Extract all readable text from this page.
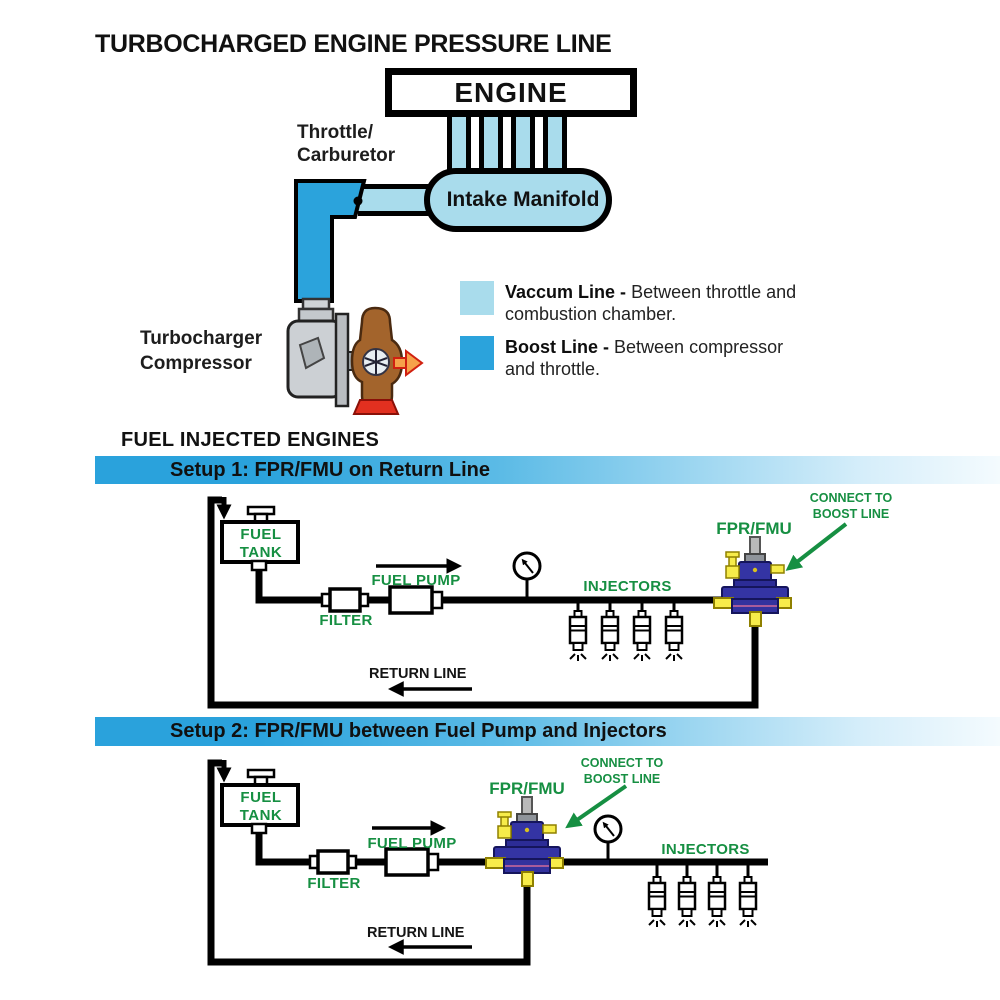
TURBOCHARGED ENGINE PRESSURE LINE
ENGINE
Intake Manifold
Throttle/
Carburetor
Turbocharger
Compressor
Vaccum Line - Between throttle and combustion chamber.
Boost Line - Between compressor and throttle.
FUEL INJECTED ENGINES
Setup 1: FPR/FMU on Return Line
Setup 2: FPR/FMU between Fuel Pump and Injectors
FUEL TANK
FILTER
FUEL PUMP	INJECTORS
FPR/FMU
CONNECT TO BOOST LINE
RETURN LINE
FUEL TANK
FILTER
FUEL PUMP
FPR/FMU
CONNECT TO BOOST LINE
INJECTORS
RETURN LINE
